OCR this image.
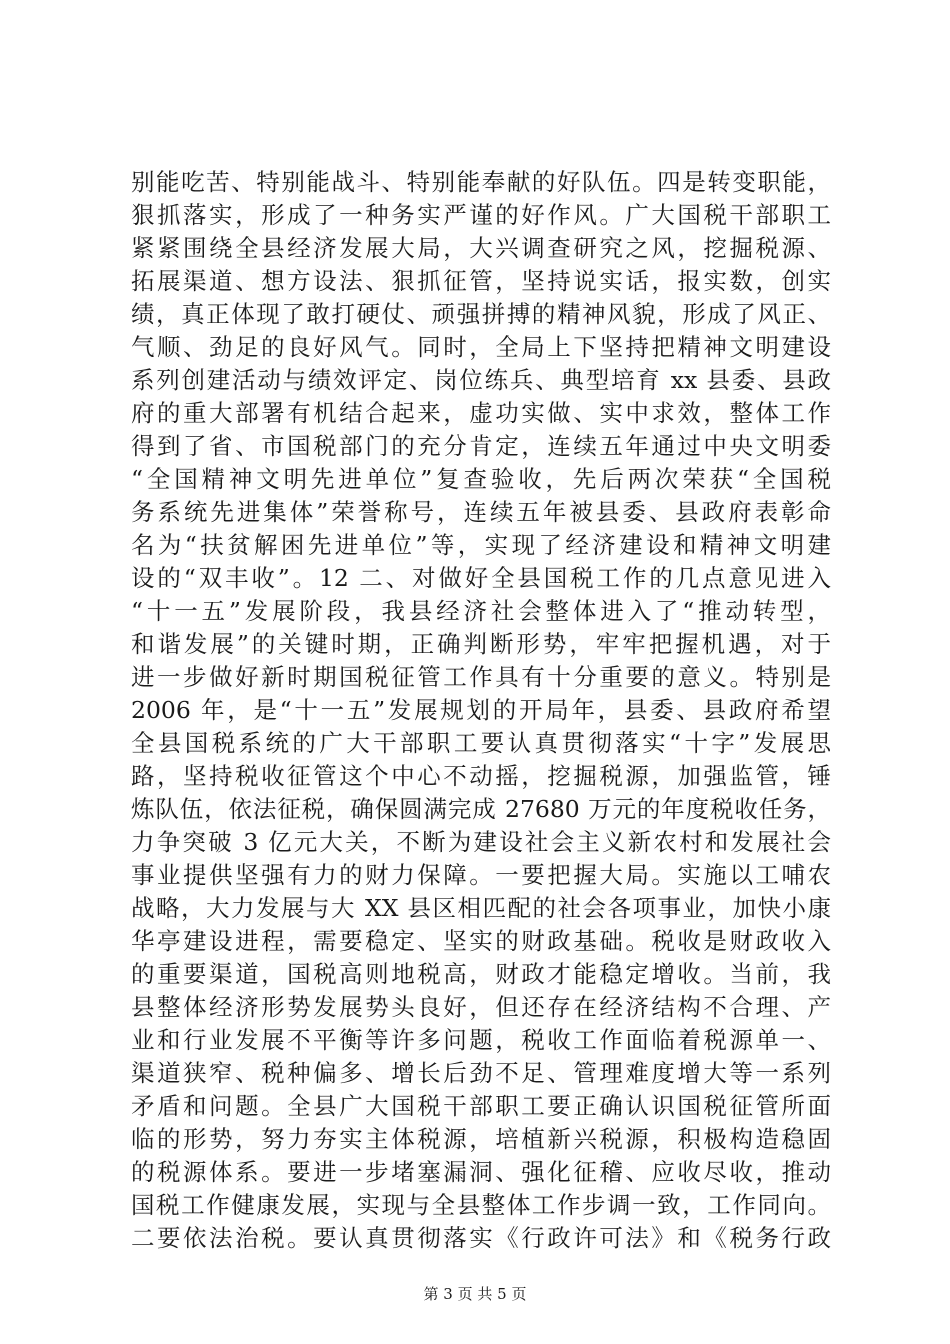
别能吃苦、特别能战斗、特别能奉献的好队伍。四是转变职能，
狠抓落实，形成了一种务实严谨的好作风。广大国税干部职工
紧紧围绕全县经济发展大局，大兴调查研究之风，挖掘税源、
拓展渠道、想方设法、狠抓征管，坚持说实话，报实数，创实
绩，真正体现了敢打硬仗、顽强拼搏的精神风貌，形成了风正、
气顺、劲足的良好风气。同时，全局上下坚持把精神文明建设
系列创建活动与绩效评定、岗位练兵、典型培育 xx 县委、县政
府的重大部署有机结合起来，虚功实做、实中求效，整体工作
得到了省、市国税部门的充分肯定，连续五年通过中央文明委
“全国精神文明先进单位”复查验收，先后两次荣获“全国税
务系统先进集体”荣誉称号，连续五年被县委、县政府表彰命
名为“扶贫解困先进单位”等，实现了经济建设和精神文明建
设的“双丰收”。12 二、对做好全县国税工作的几点意见进入
“十一五”发展阶段，我县经济社会整体进入了“推动转型，
和谐发展”的关键时期，正确判断形势，牢牢把握机遇，对于
进一步做好新时期国税征管工作具有十分重要的意义。特别是
2006 年，是“十一五”发展规划的开局年，县委、县政府希望
全县国税系统的广大干部职工要认真贯彻落实“十字”发展思
路，坚持税收征管这个中心不动摇，挖掘税源，加强监管，锤
炼队伍，依法征税，确保圆满完成 27680 万元的年度税收任务，
力争突破 3 亿元大关，不断为建设社会主义新农村和发展社会
事业提供坚强有力的财力保障。一要把握大局。实施以工哺农
战略，大力发展与大 XX 县区相匹配的社会各项事业，加快小康
华亭建设进程，需要稳定、坚实的财政基础。税收是财政收入
的重要渠道，国税高则地税高，财政才能稳定增收。当前，我
县整体经济形势发展势头良好，但还存在经济结构不合理、产
业和行业发展不平衡等许多问题，税收工作面临着税源单一、
渠道狭窄、税种偏多、增长后劲不足、管理难度增大等一系列
矛盾和问题。全县广大国税干部职工要正确认识国税征管所面
临的形势，努力夯实主体税源，培植新兴税源，积极构造稳固
的税源体系。要进一步堵塞漏洞、强化征稽、应收尽收，推动
国税工作健康发展，实现与全县整体工作步调一致，工作同向。
二要依法治税。要认真贯彻落实《行政许可法》和《税务行政
第 3 页 共 5 页
